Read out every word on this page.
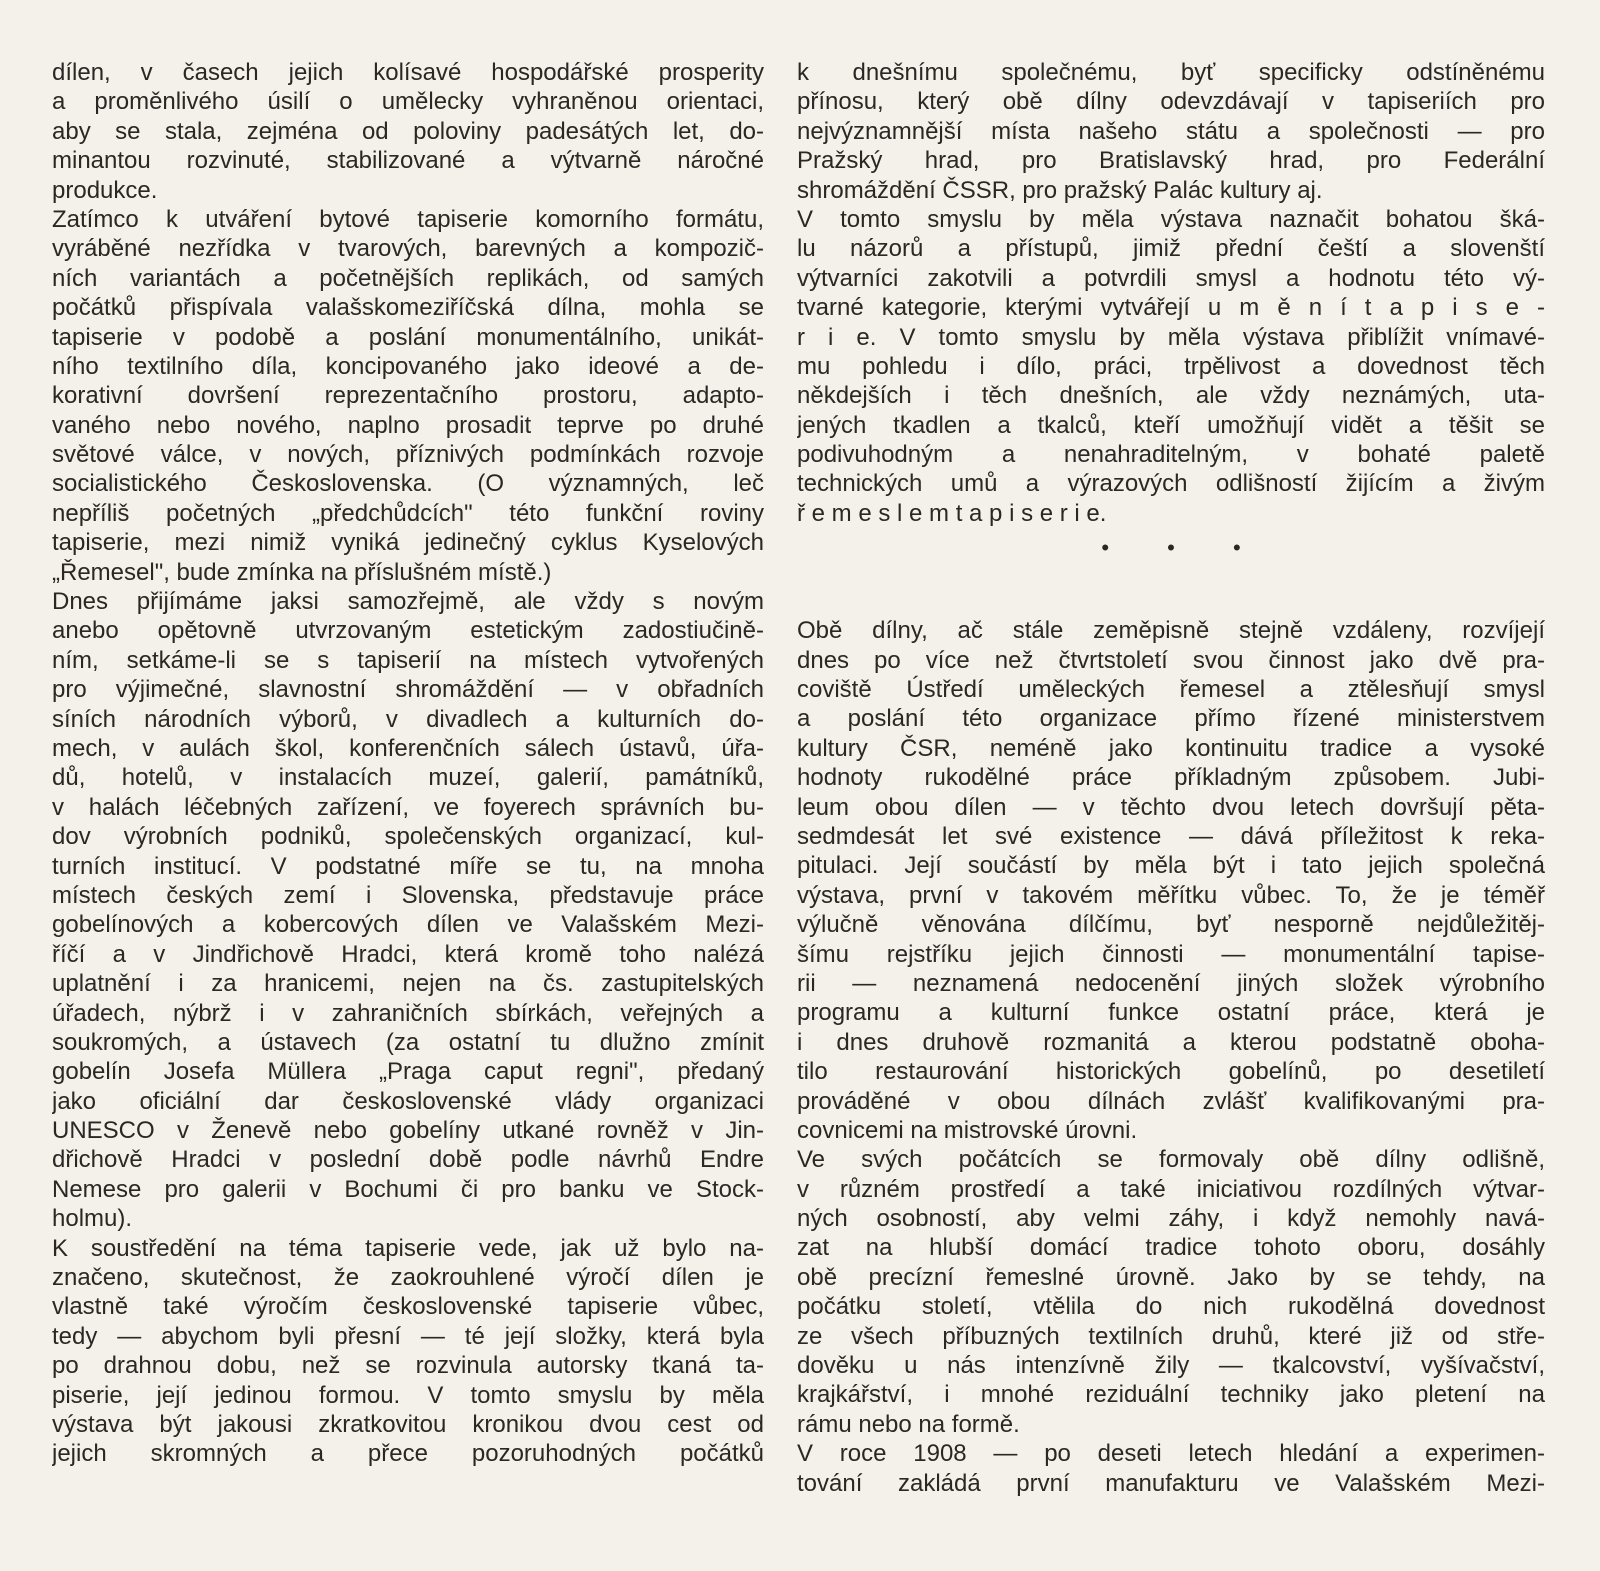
dílen, v časech jejich kolísavé hospodářské prosperity
a proměnlivého úsilí o umělecky vyhraněnou orientaci,
aby se stala, zejména od poloviny padesátých let, do-
minantou rozvinuté, stabilizované a výtvarně náročné
produkce.
Zatímco k utváření bytové tapiserie komorního formátu,
vyráběné nezřídka v tvarových, barevných a kompozič-
ních variantách a početnějších replikách, od samých
počátků přispívala valašskomeziříčská dílna, mohla se
tapiserie v podobě a poslání monumentálního, unikát-
ního textilního díla, koncipovaného jako ideové a de-
korativní dovršení reprezentačního prostoru, adapto-
vaného nebo nového, naplno prosadit teprve po druhé
světové válce, v nových, příznivých podmínkách rozvoje
socialistického Československa. (O významných, leč
nepříliš početných „předchůdcích" této funkční roviny
tapiserie, mezi nimiž vyniká jedinečný cyklus Kyselových
„Řemesel", bude zmínka na příslušném místě.)
Dnes přijímáme jaksi samozřejmě, ale vždy s novým
anebo opětovně utvrzovaným estetickým zadostiučině-
ním, setkáme-li se s tapiserií na místech vytvořených
pro výjimečné, slavnostní shromáždění — v obřadních
síních národních výborů, v divadlech a kulturních do-
mech, v aulách škol, konferenčních sálech ústavů, úřa-
dů, hotelů, v instalacích muzeí, galerií, památníků,
v halách léčebných zařízení, ve foyerech správních bu-
dov výrobních podniků, společenských organizací, kul-
turních institucí. V podstatné míře se tu, na mnoha
místech českých zemí i Slovenska, představuje práce
gobelínových a kobercových dílen ve Valašském Mezi-
říčí a v Jindřichově Hradci, která kromě toho nalézá
uplatnění i za hranicemi, nejen na čs. zastupitelských
úřadech, nýbrž i v zahraničních sbírkách, veřejných a
soukromých, a ústavech (za ostatní tu dlužno zmínit
gobelín Josefa Müllera „Praga caput regni", předaný
jako oficiální dar československé vlády organizaci
UNESCO v Ženevě nebo gobelíny utkané rovněž v Jin-
dřichově Hradci v poslední době podle návrhů Endre
Nemese pro galerii v Bochumi či pro banku ve Stock-
holmu).
K soustředění na téma tapiserie vede, jak už bylo na-
značeno, skutečnost, že zaokrouhlené výročí dílen je
vlastně také výročím československé tapiserie vůbec,
tedy — abychom byli přesní — té její složky, která byla
po drahnou dobu, než se rozvinula autorsky tkaná ta-
piserie, její jedinou formou. V tomto smyslu by měla
výstava být jakousi zkratkovitou kronikou dvou cest od
jejich skromných a přece pozoruhodných počátků
k dnešnímu společnému, byť specificky odstíněnému
přínosu, který obě dílny odevzdávají v tapiseriích pro
nejvýznamnější místa našeho státu a společnosti — pro
Pražský hrad, pro Bratislavský hrad, pro Federální
shromáždění ČSSR, pro pražský Palác kultury aj.
V tomto smyslu by měla výstava naznačit bohatou šká-
lu názorů a přístupů, jimiž přední čeští a slovenští
výtvarníci zakotvili a potvrdili smysl a hodnotu této vý-
tvarné kategorie, kterými vytvářejí u m ě n í t a p i s e -
r i e. V tomto smyslu by měla výstava přiblížit vnímavé-
mu pohledu i dílo, práci, trpělivost a dovednost těch
někdejších i těch dnešních, ale vždy neznámých, uta-
jených tkadlen a tkalců, kteří umožňují vidět a těšit se
podivuhodným a nenahraditelným, v bohaté paletě
technických umů a výrazových odlišností žijícím a živým
ř e m e s l e m t a p i s e r i e.
• • •
Obě dílny, ač stále zeměpisně stejně vzdáleny, rozvíjejí
dnes po více než čtvrtstoletí svou činnost jako dvě pra-
coviště Ústředí uměleckých řemesel a ztělesňují smysl
a poslání této organizace přímo řízené ministerstvem
kultury ČSR, neméně jako kontinuitu tradice a vysoké
hodnoty rukodělné práce příkladným způsobem. Jubi-
leum obou dílen — v těchto dvou letech dovršují pěta-
sedmdesát let své existence — dává příležitost k reka-
pitulaci. Její součástí by měla být i tato jejich společná
výstava, první v takovém měřítku vůbec. To, že je téměř
výlučně věnována dílčímu, byť nesporně nejdůležitěj-
šímu rejstříku jejich činnosti — monumentální tapise-
rii — neznamená nedocenění jiných složek výrobního
programu a kulturní funkce ostatní práce, která je
i dnes druhově rozmanitá a kterou podstatně oboha-
tilo restaurování historických gobelínů, po desetiletí
prováděné v obou dílnách zvlášť kvalifikovanými pra-
covnicemi na mistrovské úrovni.
Ve svých počátcích se formovaly obě dílny odlišně,
v různém prostředí a také iniciativou rozdílných výtvar-
ných osobností, aby velmi záhy, i když nemohly navá-
zat na hlubší domácí tradice tohoto oboru, dosáhly
obě precízní řemeslné úrovně. Jako by se tehdy, na
počátku století, vtělila do nich rukodělná dovednost
ze všech příbuzných textilních druhů, které již od stře-
dověku u nás intenzívně žily — tkalcovství, vyšívačství,
krajkářství, i mnohé reziduální techniky jako pletení na
rámu nebo na formě.
V roce 1908 — po deseti letech hledání a experimen-
tování zakládá první manufakturu ve Valašském Mezi-
